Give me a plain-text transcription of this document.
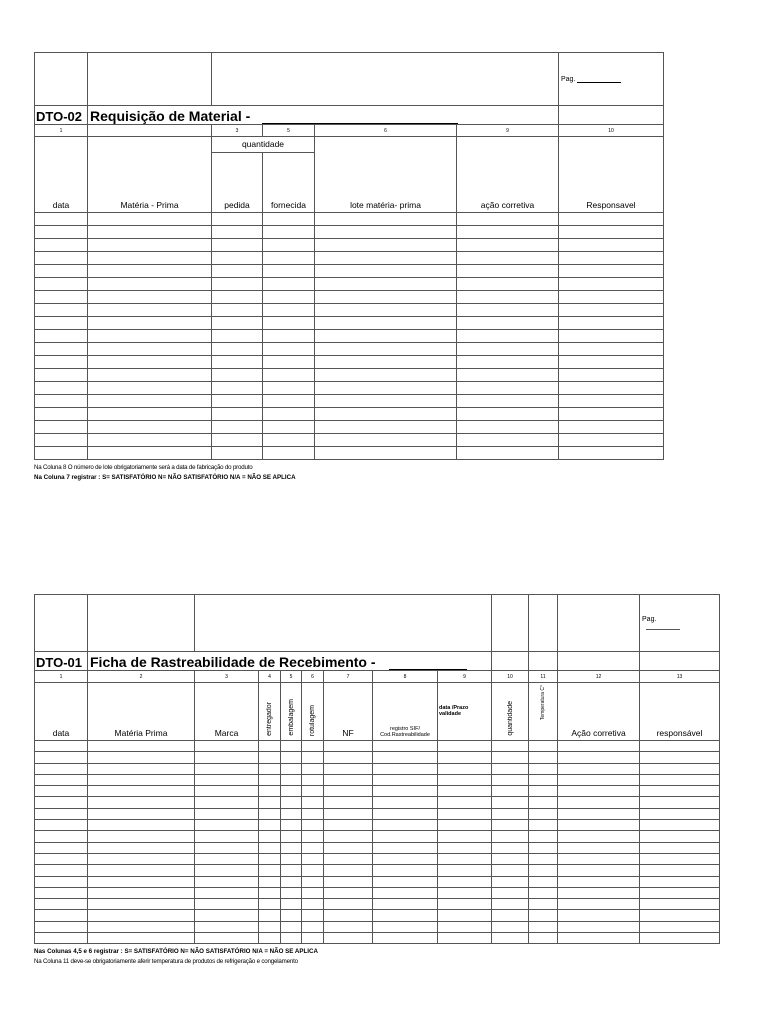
						Pag.
DTO-02	Requisição de Material -					
1		3	5	6	9	10
data	Matéria - Prima	quantidade		lote matéria- prima	ação corretiva	Responsavel
		pedida	fornecida			

Na Coluna 8 O número de lote obrigatoriamente será a data de fabricação do produto
Na Coluna 7 registrar : S= SATISFATÓRIO N= NÃO SATISFATÓRIO N/A = NÃO SE APLICA
												Pag.

DTO-01	Ficha de Rastreabilidade de Recebimento -											
1	2	3	4	5	6	7	8	9	10	11	12	13
data	Matéria Prima	Marca	entregador	embalagem	rotulagem	NF	registro SIF/ Cod.Rastreabilidade	data /Prazo validade	quantidade	Temperatura C°	Ação corretiva	responsável

Nas Colunas 4,5 e 6 registrar : S= SATISFATÓRIO N= NÃO SATISFATÓRIO N/A = NÃO SE APLICA
Na Coluna 11 deve-se obrigatoriamente aferir temperatura de produtos de refrigeração e congelamento
